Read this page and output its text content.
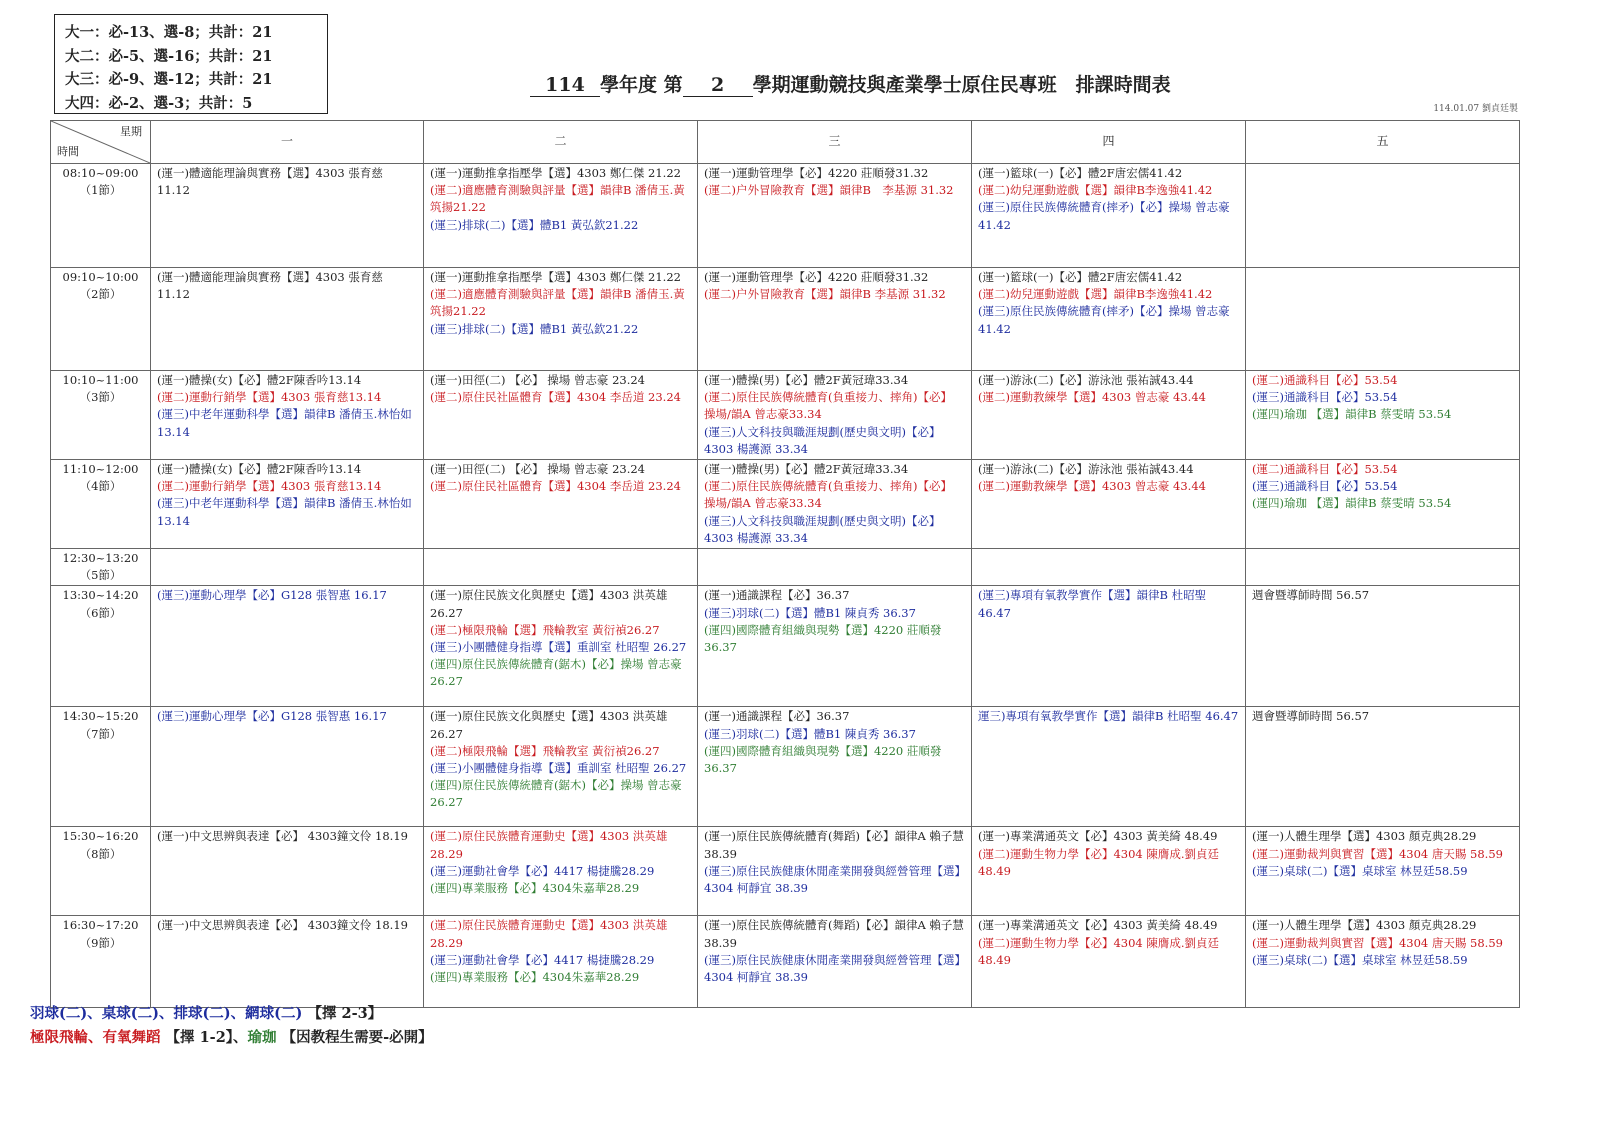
大一：必-13、選-8；共計：21
大二：必-5、選-16；共計：21
大三：必-9、選-12；共計：21
大四：必-2、選-3；共計：5
114 學年度 第 2 學期運動競技與產業學士原住民專班　排課時間表
114.01.07 劉貞廷製
星期
時間	一	二	三	四	五

08:10~09:00
（1節）	(運一)體適能理論與實務【選】4303 張育慈 11.12	(運一)運動推拿指壓學【選】4303 鄭仁傑 21.22
(運二)適應體育測驗與評量【選】韻律B 潘倩玉.黃筑揚21.22
(運三)排球(二)【選】體B1 黃弘欽21.22	(運一)運動管理學【必】4220 莊順發31.32
(運二)户外冒險教育【選】韻律B　李基源 31.32	(運一)籃球(一)【必】體2F唐宏儒41.42
(運二)幼兒運動遊戲【選】韻律B李逸強41.42
(運三)原住民族傳統體育(摔矛)【必】操場 曾志豪41.42	

09:10~10:00
（2節）	(運一)體適能理論與實務【選】4303 張育慈 11.12	(運一)運動推拿指壓學【選】4303 鄭仁傑 21.22
(運二)適應體育測驗與評量【選】韻律B 潘倩玉.黃筑揚21.22
(運三)排球(二)【選】體B1 黃弘欽21.22	(運一)運動管理學【必】4220 莊順發31.32
(運二)户外冒險教育【選】韻律B 李基源 31.32	(運一)籃球(一)【必】體2F唐宏儒41.42
(運二)幼兒運動遊戲【選】韻律B李逸強41.42
(運三)原住民族傳統體育(摔矛)【必】操場 曾志豪41.42	

10:10~11:00
（3節）	(運一)體操(女)【必】體2F陳香吟13.14
(運二)運動行銷學【選】4303 張育慈13.14
(運三)中老年運動科學【選】韻律B 潘倩玉.林怡如 13.14	(運一)田徑(二) 【必】 操場 曾志豪 23.24
(運二)原住民社區體育【選】4304 李岳道 23.24	(運一)體操(男)【必】體2F黃冠瑋33.34
(運二)原住民族傳統體育(負重接力、摔角)【必】 操場/韻A 曾志豪33.34
(運三)人文科技與職涯規劃(歷史與文明)【必】4303 楊護源 33.34	(運一)游泳(二)【必】游泳池 張祐誠43.44
(運二)運動教練學【選】4303 曾志豪 43.44	(運二)通識科目【必】53.54
(運三)通識科目【必】53.54
(運四)瑜珈 【選】韻律B 蔡雯晴 53.54

11:10~12:00
（4節）	(運一)體操(女)【必】體2F陳香吟13.14
(運二)運動行銷學【選】4303 張育慈13.14
(運三)中老年運動科學【選】韻律B 潘倩玉.林怡如 13.14	(運一)田徑(二) 【必】 操場 曾志豪 23.24
(運二)原住民社區體育【選】4304 李岳道 23.24	(運一)體操(男)【必】體2F黃冠瑋33.34
(運二)原住民族傳統體育(負重接力、摔角)【必】 操場/韻A 曾志豪33.34
(運三)人文科技與職涯規劃(歷史與文明)【必】4303 楊護源 33.34	(運一)游泳(二)【必】游泳池 張祐誠43.44
(運二)運動教練學【選】4303 曾志豪 43.44	(運二)通識科目【必】53.54
(運三)通識科目【必】53.54
(運四)瑜珈 【選】韻律B 蔡雯晴 53.54

12:30~13:20
（5節）					

13:30~14:20
（6節）	(運三)運動心理學【必】G128 張智惠 16.17	(運一)原住民族文化與歷史【選】4303 洪英雄 26.27
(運二)極限飛輪【選】飛輪教室 黃衍禎26.27
(運三)小團體健身指導【選】重訓室 杜昭聖 26.27
(運四)原住民族傳統體育(鋸木)【必】操場 曾志豪 26.27	(運一)通識課程【必】36.37
(運三)羽球(二)【選】體B1 陳貞秀 36.37
(運四)國際體育組織與現勢【選】4220 莊順發36.37	(運三)專項有氧教學實作【選】韻律B 杜昭聖 46.47	週會暨導師時間 56.57

14:30~15:20
（7節）	(運三)運動心理學【必】G128 張智惠 16.17	(運一)原住民族文化與歷史【選】4303 洪英雄 26.27
(運二)極限飛輪【選】飛輪教室 黃衍禎26.27
(運三)小團體健身指導【選】重訓室 杜昭聖 26.27
(運四)原住民族傳統體育(鋸木)【必】操場 曾志豪 26.27	(運一)通識課程【必】36.37
(運三)羽球(二)【選】體B1 陳貞秀 36.37
(運四)國際體育組織與現勢【選】4220 莊順發36.37	運三)專項有氧教學實作【選】韻律B 杜昭聖 46.47	週會暨導師時間 56.57

15:30~16:20
（8節）	(運一)中文思辨與表達【必】 4303鐘文伶 18.19	(運二)原住民族體育運動史【選】4303 洪英雄28.29
(運三)運動社會學【必】4417 楊捷騰28.29
(運四)專業服務【必】4304朱嘉華28.29	(運一)原住民族傳統體育(舞蹈)【必】韻律A 賴子慧38.39
(運三)原住民族健康休閒產業開發與經營管理【選】4304 柯靜宜 38.39	(運一)專業溝通英文【必】4303 黃美綺 48.49
(運二)運動生物力學【必】4304 陳膺成.劉貞廷48.49	(運一)人體生理學【選】4303 顏克典28.29
(運二)運動裁判與實習【選】4304 唐天賜 58.59
(運三)桌球(二)【選】桌球室 林昱廷58.59

16:30~17:20
（9節）	(運一)中文思辨與表達【必】 4303鐘文伶 18.19	(運二)原住民族體育運動史【選】4303 洪英雄28.29
(運三)運動社會學【必】4417 楊捷騰28.29
(運四)專業服務【必】4304朱嘉華28.29	(運一)原住民族傳統體育(舞蹈)【必】韻律A 賴子慧38.39
(運三)原住民族健康休閒產業開發與經營管理【選】4304 柯靜宜 38.39	(運一)專業溝通英文【必】4303 黃美綺 48.49
(運二)運動生物力學【必】4304 陳膺成.劉貞廷48.49	(運一)人體生理學【選】4303 顏克典28.29
(運二)運動裁判與實習【選】4304 唐天賜 58.59
(運三)桌球(二)【選】桌球室 林昱廷58.59
羽球(二)、桌球(二)、排球(二)、網球(二) 【擇 2-3】
極限飛輪、有氧舞蹈 【擇 1-2】、瑜珈 【因教程生需要-必開】
